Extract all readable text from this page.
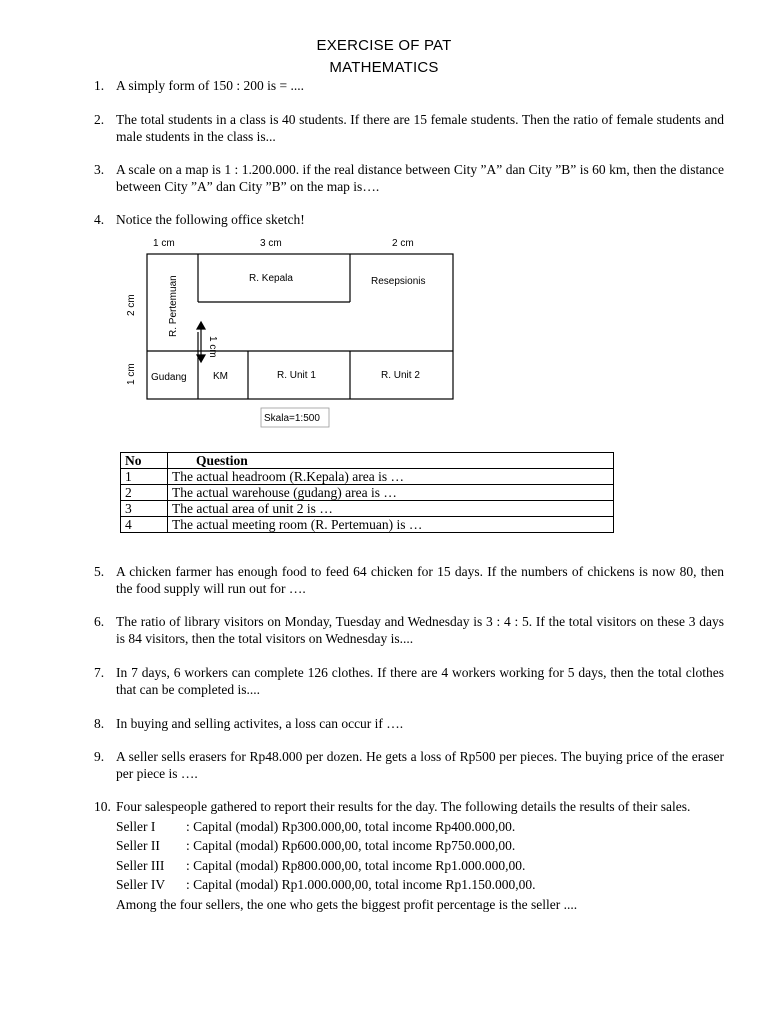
EXERCISE OF PAT
MATHEMATICS
1. A simply form of 150 : 200 is = ....
2. The total students in a class is 40 students. If there are 15 female students. Then the ratio of female students and male students in the class is...
3. A scale on a map is 1 : 1.200.000. if the real distance between City ”A” dan City ”B” is 60 km, then the distance between City ”A” dan City ”B” on the map is….
4. Notice the following office sketch!
1 cm	3 cm	2 cm
2 cm
1 cm
R. Pertemuan	R. Kepala	Resepsionis
Gudang	KM	R. Unit 1	R. Unit 2
1 cm
Skala=1:500
No	Question
1	The actual headroom (R.Kepala) area is …
2	The actual warehouse (gudang) area is …
3	The actual area of unit 2 is …
4	The actual meeting room (R. Pertemuan) is …
5. A chicken farmer has enough food to feed 64 chicken for 15 days. If the numbers of chickens is now 80, then the food supply will run out for ….
6. The ratio of library visitors on Monday, Tuesday and Wednesday is 3 : 4 : 5. If the total visitors on these 3 days is 84 visitors, then the total visitors on Wednesday is....
7. In 7 days, 6 workers can complete 126 clothes. If there are 4 workers working for 5 days, then the total clothes that can be completed is....
8. In buying and selling activites, a loss can occur if ….
9. A seller sells erasers for Rp48.000 per dozen. He gets a loss of Rp500 per pieces. The buying price of the eraser per piece is ….
10. Four salespeople gathered to report their results for the day. The following details the results of their sales.
Seller I	: Capital (modal) Rp300.000,00, total income Rp400.000,00.
Seller II	: Capital (modal) Rp600.000,00, total income Rp750.000,00.
Seller III	: Capital (modal) Rp800.000,00, total income Rp1.000.000,00.
Seller IV	: Capital (modal) Rp1.000.000,00, total income Rp1.150.000,00.
Among the four sellers, the one who gets the biggest profit percentage is the seller ....
